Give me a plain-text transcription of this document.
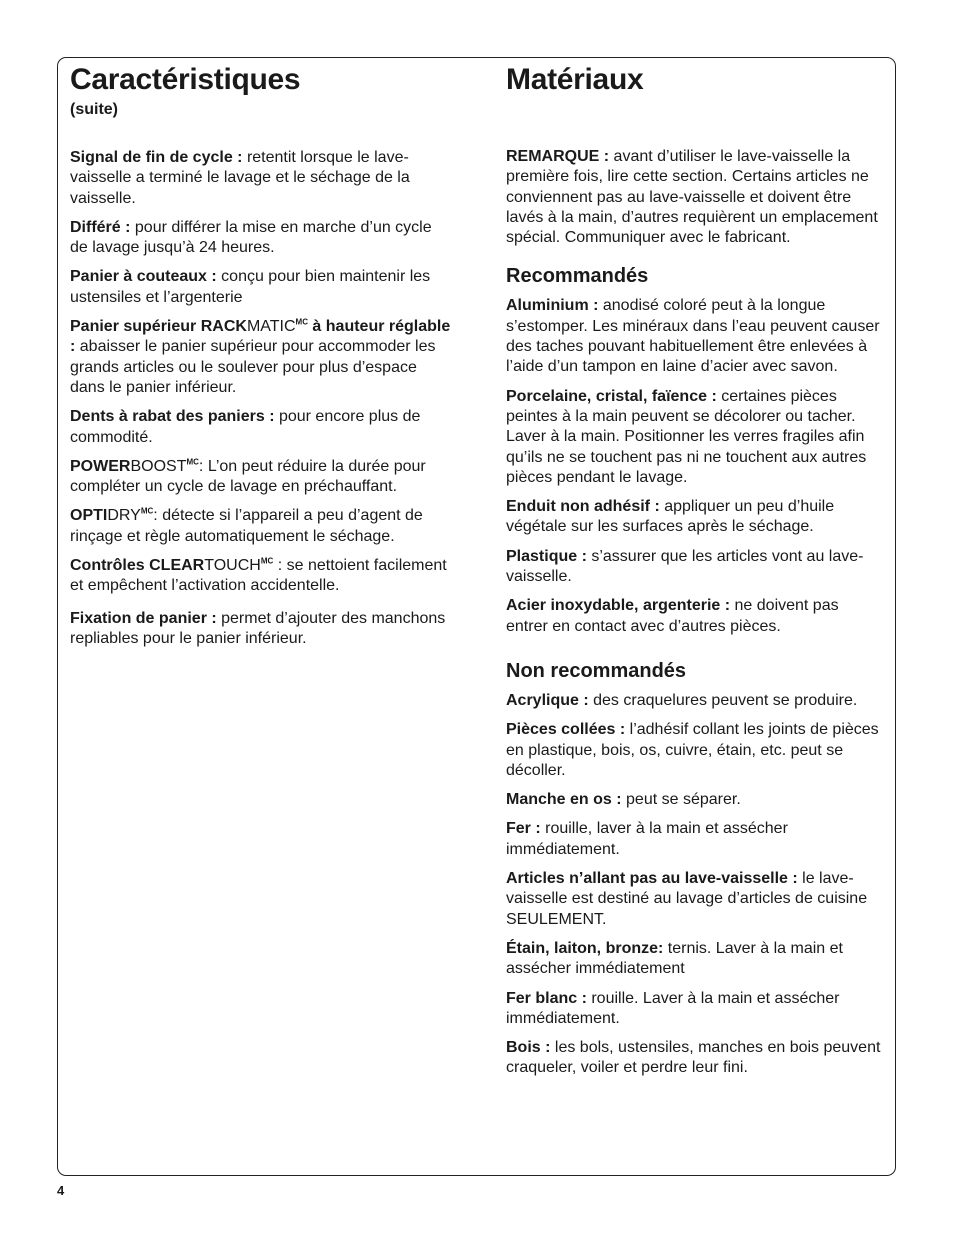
Caractéristiques

(suite)

Signal de fin de cycle : retentit lorsque le lave-vaisselle a terminé le lavage et le séchage de la vaisselle.

Différé : pour différer la mise en marche d’un cycle de lavage jusqu’à 24 heures.

Panier à couteaux : conçu pour bien maintenir les ustensiles et l’argenterie

Panier supérieur $RACKMATIC^{MC}$ à hauteur réglable : abaisser le panier supérieur pour accommoder les grands articles ou le soulever pour plus d’espace dans le panier inférieur.

Dents à rabat des paniers : pour encore plus de commodité.

$POWERBOOST^{MC}$: L’on peut réduire la durée pour compléter un cycle de lavage en préchauffant.

$OPTIDRY^{MC}$: détecte si l’appareil a peu d’agent de rinçage et règle automatiquement le séchage.

Contrôles $CLEARTOUCH^{MC}$ : se nettoient facilement et empêchent l’activation accidentelle.

Fixation de panier : permet d’ajouter des manchons repliables pour le panier inférieur.

Matériaux

REMARQUE : avant d’utiliser le lave-vaisselle la première fois, lire cette section. Certains articles ne conviennent pas au lave-vaisselle et doivent être lavés à la main, d’autres requièrent un emplacement spécial. Communiquer avec le fabricant.

Recommandés

Aluminium : anodisé coloré peut à la longue s’estomper. Les minéraux dans l’eau peuvent causer des taches pouvant habituellement être enlevées à l’aide d’un tampon en laine d’acier avec savon.

Porcelaine, cristal, faïence : certaines pièces peintes à la main peuvent se décolorer ou tacher. Laver à la main. Positionner les verres fragiles afin qu’ils ne se touchent pas ni ne touchent aux autres pièces pendant le lavage.

Enduit non adhésif : appliquer un peu d’huile végétale sur les surfaces après le séchage.

Plastique : s’assurer que les articles vont au lave-vaisselle.

Acier inoxydable, argenterie : ne doivent pas entrer en contact avec d’autres pièces.

Non recommandés

Acrylique : des craquelures peuvent se produire.

Pièces collées : l’adhésif collant les joints de pièces en plastique, bois, os, cuivre, étain, etc. peut se décoller.

Manche en os : peut se séparer.

Fer : rouille, laver à la main et assécher immédiatement.

Articles n’allant pas au lave-vaisselle : le lave-vaisselle est destiné au lavage d’articles de cuisine SEULEMENT.

Étain, laiton, bronze: ternis. Laver à la main et assécher immédiatement

Fer blanc : rouille. Laver à la main et assécher immédiatement.

Bois : les bols, ustensiles, manches en bois peuvent craqueler, voiler et perdre leur fini.

4
